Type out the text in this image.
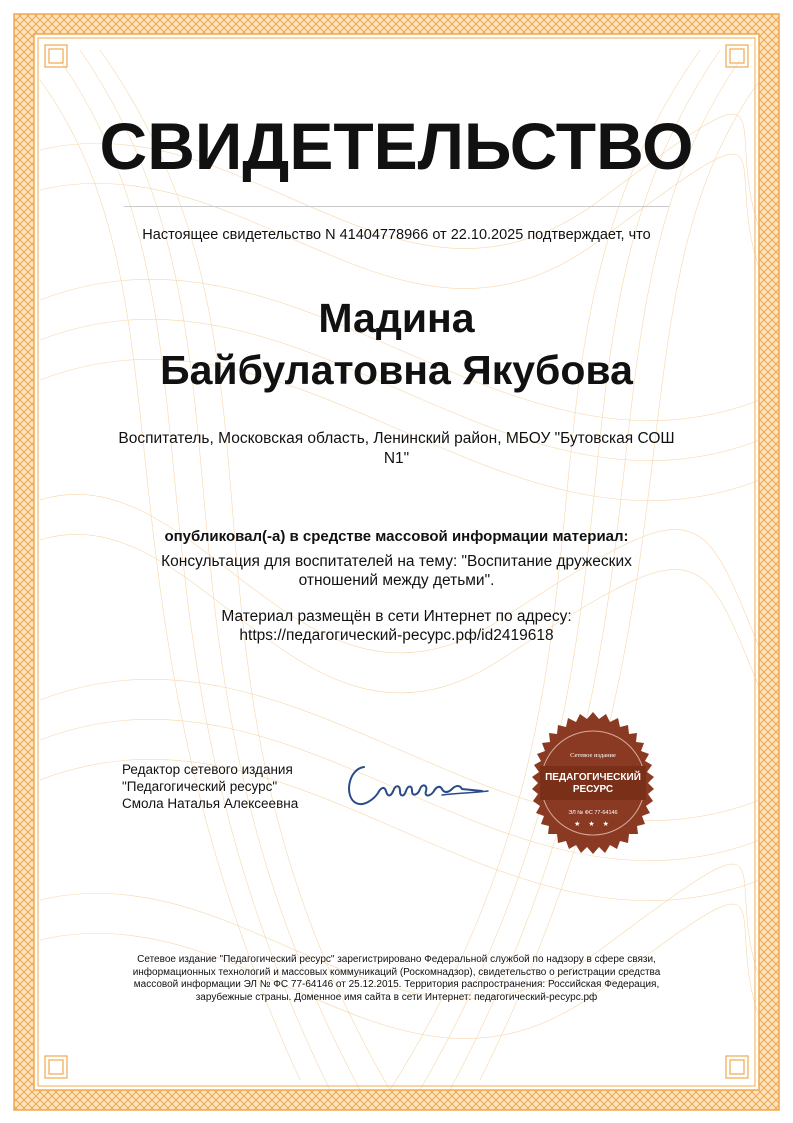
СВИДЕТЕЛЬСТВО
Настоящее свидетельство N 41404778966 от 22.10.2025 подтверждает, что
Мадина
Байбулатовна Якубова
Воспитатель, Московская область, Ленинский район, МБОУ "Бутовская СОШ N1"
опубликовал(-а) в средстве массовой информации материал:
Консультация для воспитателей на тему: "Воспитание дружеских отношений между детьми".
Материал размещён в сети Интернет по адресу:
https://педагогический-ресурс.рф/id2419618
Редактор сетевого издания
"Педагогический ресурс"
Смола Наталья Алексеевна
Сетевое издание
ПЕДАГОГИЧЕСКИЙ
РЕСУРС
ЭЛ № ФС 77-64146
★ ★ ★
Сетевое издание "Педагогический ресурс" зарегистрировано Федеральной службой по надзору в сфере связи, информационных технологий и массовых коммуникаций (Роскомнадзор), свидетельство о регистрации средства массовой информации ЭЛ № ФС 77-64146 от 25.12.2015. Территория распространения: Российская Федерация, зарубежные страны. Доменное имя сайта в сети Интернет: педагогический-ресурс.рф
